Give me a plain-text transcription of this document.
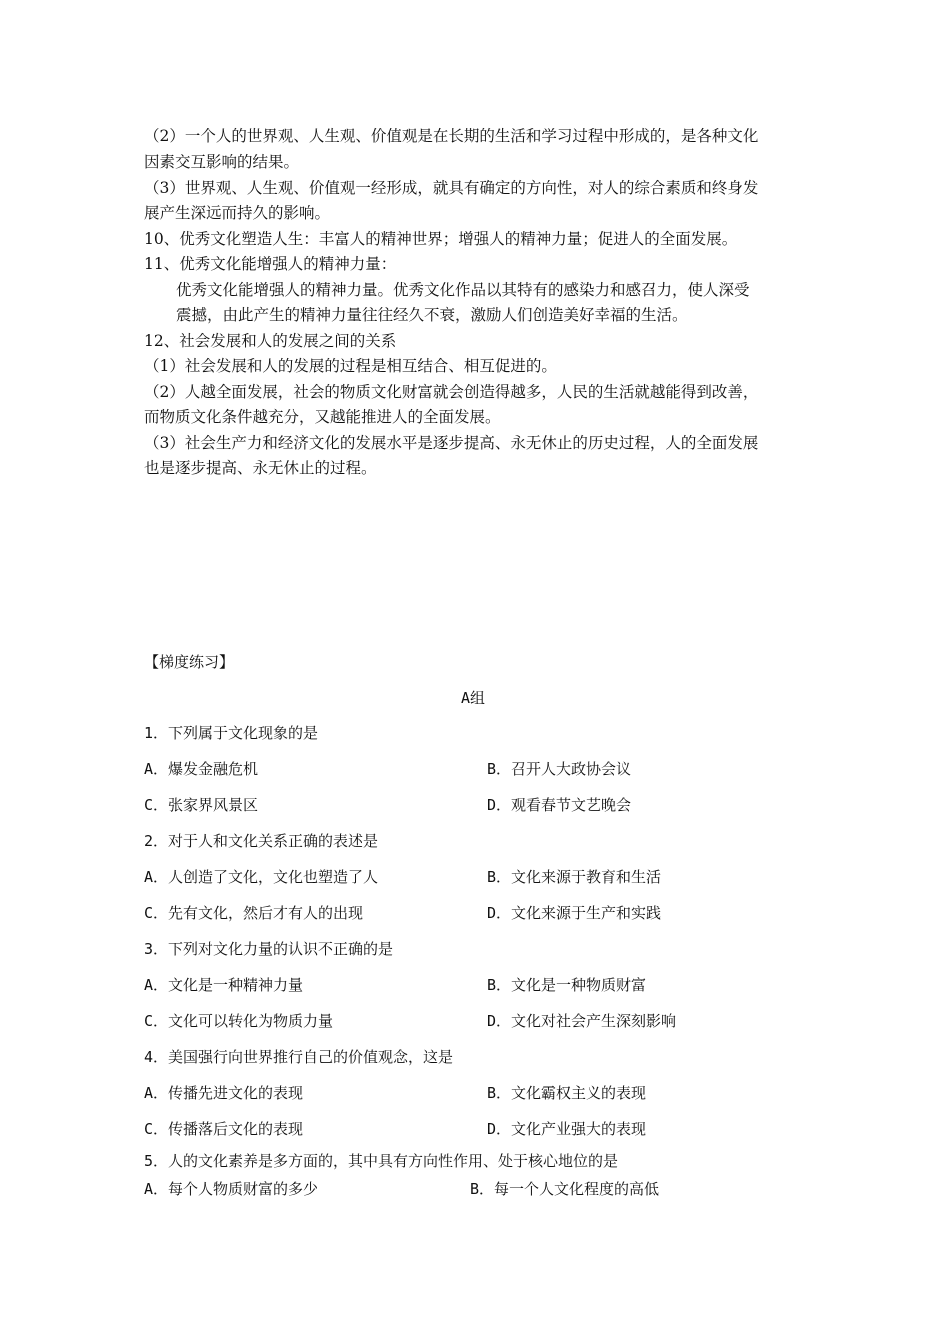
（2）一个人的世界观、人生观、价值观是在长期的生活和学习过程中形成的，是各种文化
因素交互影响的结果。
（3）世界观、人生观、价值观一经形成，就具有确定的方向性，对人的综合素质和终身发
展产生深远而持久的影响。
10、优秀文化塑造人生：丰富人的精神世界；增强人的精神力量；促进人的全面发展。
11、优秀文化能增强人的精神力量：
优秀文化能增强人的精神力量。优秀文化作品以其特有的感染力和感召力，使人深受
震撼，由此产生的精神力量往往经久不衰，激励人们创造美好幸福的生活。
12、社会发展和人的发展之间的关系
（1）社会发展和人的发展的过程是相互结合、相互促进的。
（2）人越全面发展，社会的物质文化财富就会创造得越多，人民的生活就越能得到改善，
而物质文化条件越充分，又越能推进人的全面发展。
（3）社会生产力和经济文化的发展水平是逐步提高、永无休止的历史过程，人的全面发展
也是逐步提高、永无休止的过程。
【梯度练习】
A组
1．下列属于文化现象的是
A．爆发金融危机	B．召开人大政协会议
C．张家界风景区	D．观看春节文艺晚会
2．对于人和文化关系正确的表述是
A．人创造了文化，文化也塑造了人	B．文化来源于教育和生活
C．先有文化，然后才有人的出现	D．文化来源于生产和实践
3．下列对文化力量的认识不正确的是
A．文化是一种精神力量	B．文化是一种物质财富
C．文化可以转化为物质力量	D．文化对社会产生深刻影响
4．美国强行向世界推行自己的价值观念，这是
A．传播先进文化的表现	B．文化霸权主义的表现
C．传播落后文化的表现	D．文化产业强大的表现
5．人的文化素养是多方面的，其中具有方向性作用、处于核心地位的是
A．每个人物质财富的多少	B．每一个人文化程度的高低
